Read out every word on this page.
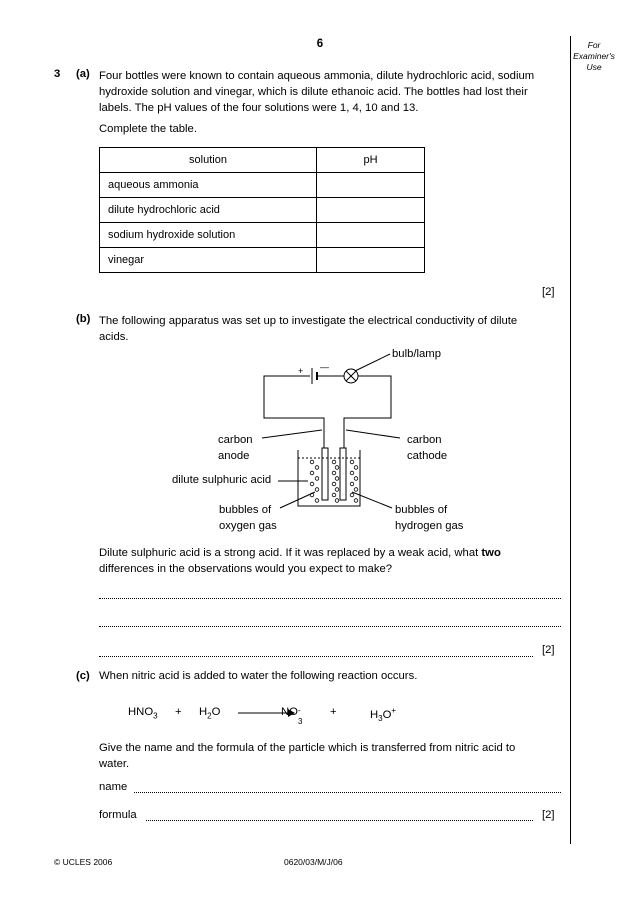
6	For
Examiner's
Use
3 (a) Four bottles were known to contain aqueous ammonia, dilute hydrochloric acid, sodium
hydroxide solution and vinegar, which is dilute ethanoic acid. The bottles had lost their
labels. The pH values of the four solutions were 1, 4, 10 and 13.
Complete the table.
solution	pH
aqueous ammonia	
dilute hydrochloric acid	
sodium hydroxide solution	
vinegar	
[2]
(b) The following apparatus was set up to investigate the electrical conductivity of dilute
acids.
+ —
bulb/lamp
carbon
anode
carbon
cathode
dilute sulphuric acid
bubbles of
oxygen gas
bubbles of
hydrogen gas
Dilute sulphuric acid is a strong acid. If it was replaced by a weak acid, what two
differences in the observations would you expect to make?
[2]
(c) When nitric acid is added to water the following reaction occurs.
$HNO_3 + H_2O$	NO -
3
+	$H_3O^+$
Give the name and the formula of the particle which is transferred from nitric acid to
water.
name
formula	[2]
© UCLES 2006	0620/03/M/J/06
